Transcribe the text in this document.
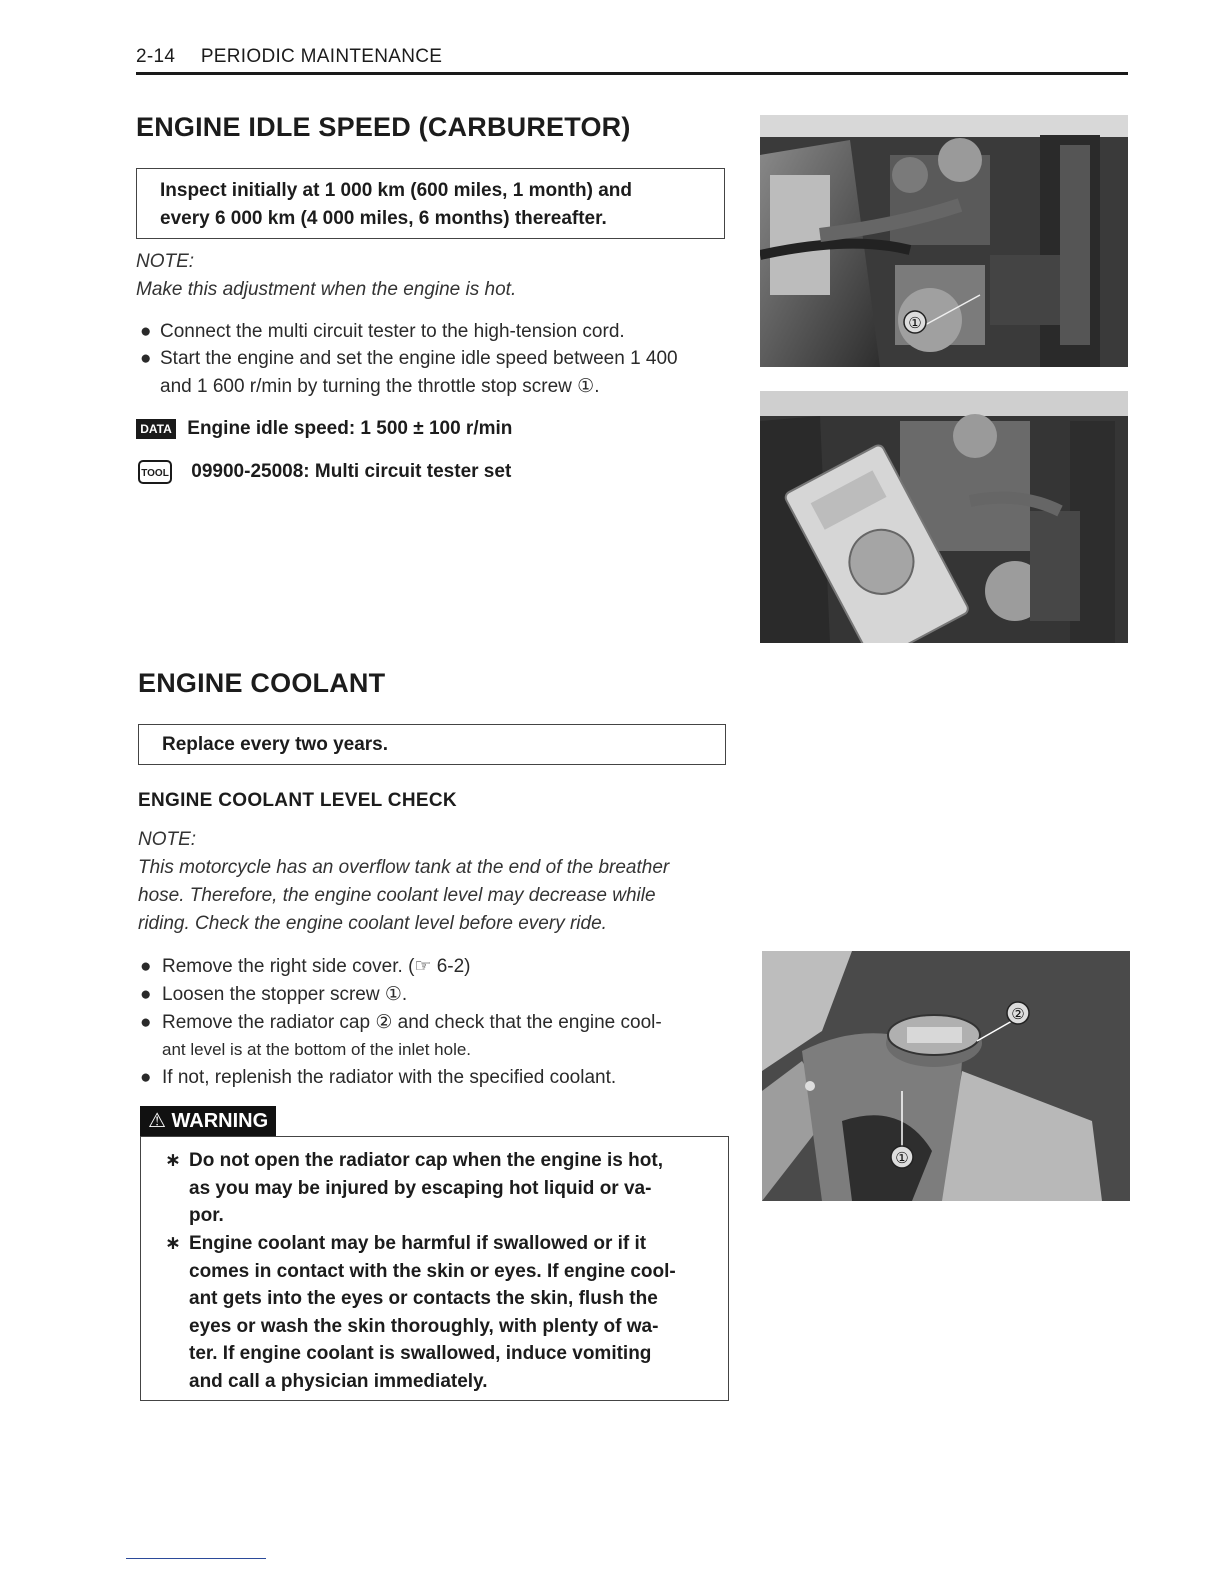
2-14 PERIODIC MAINTENANCE
ENGINE IDLE SPEED (CARBURETOR)
Inspect initially at 1 000 km (600 miles, 1 month) and
every 6 000 km (4 000 miles, 6 months) thereafter.
NOTE:
Make this adjustment when the engine is hot.
● Connect the multi circuit tester to the high-tension cord.
● Start the engine and set the engine idle speed between 1 400
and 1 600 r/min by turning the throttle stop screw ①.
DATA Engine idle speed: 1 500 ± 100 r/min
TOOL 09900-25008: Multi circuit tester set
①
ENGINE COOLANT
Replace every two years.
ENGINE COOLANT LEVEL CHECK
NOTE:
This motorcycle has an overflow tank at the end of the breather
hose. Therefore, the engine coolant level may decrease while
riding. Check the engine coolant level before every ride.
● Remove the right side cover. (☞ 6-2)
● Loosen the stopper screw ①.
● Remove the radiator cap ② and check that the engine cool-
ant level is at the bottom of the inlet hole.
● If not, replenish the radiator with the specified coolant.
⚠ WARNING
∗ Do not open the radiator cap when the engine is hot,
as you may be injured by escaping hot liquid or va-
por.
∗ Engine coolant may be harmful if swallowed or if it
comes in contact with the skin or eyes. If engine cool-
ant gets into the eyes or contacts the skin, flush the
eyes or wash the skin thoroughly, with plenty of wa-
ter. If engine coolant is swallowed, induce vomiting
and call a physician immediately.
②
①
